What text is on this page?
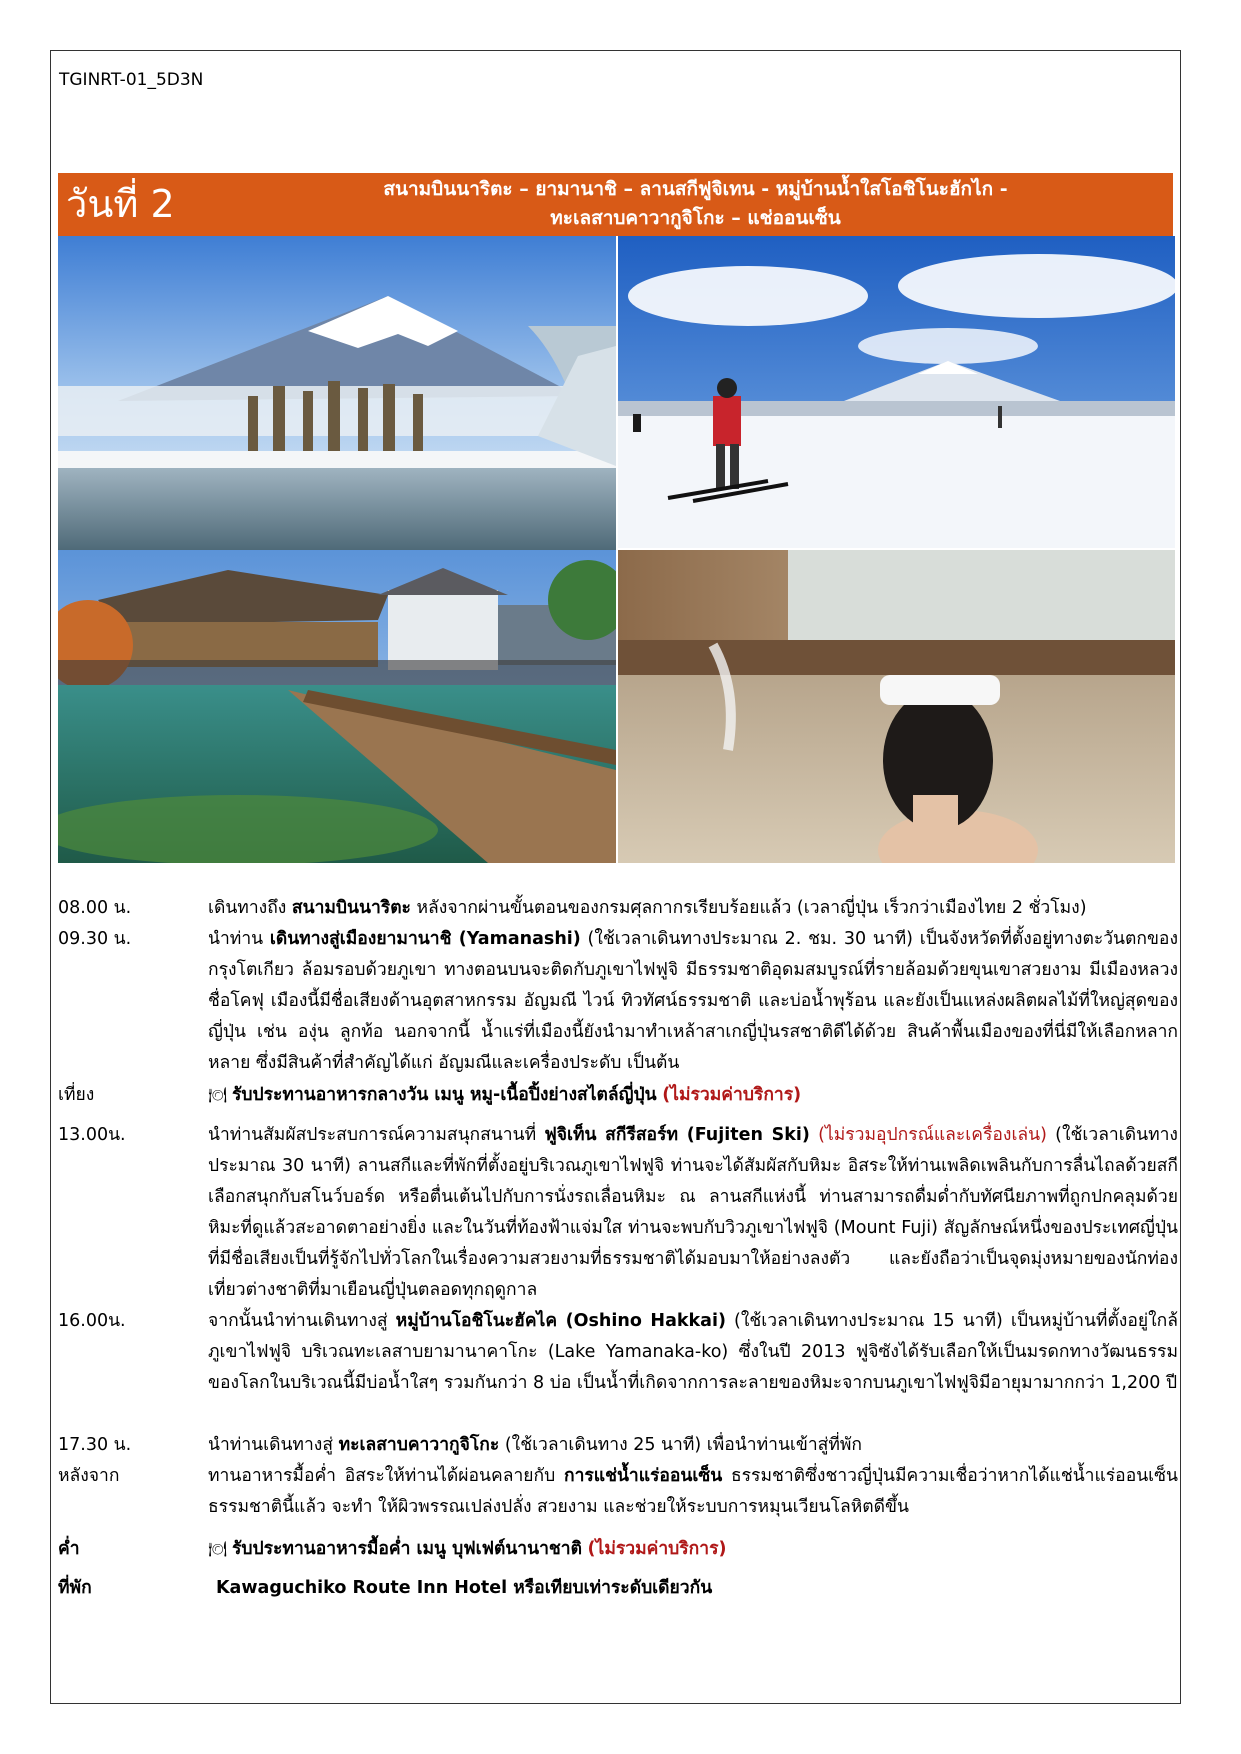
TGINRT-01_5D3N
วันที่ 2	สนามบินนาริตะ – ยามานาชิ – ลานสกีฟูจิเทน - หมู่บ้านน้ำใสโอชิโนะฮักไก -
ทะเลสาบคาวากูจิโกะ – แช่ออนเซ็น
08.00 น.	เดินทางถึง สนามบินนาริตะ หลังจากผ่านขั้นตอนของกรมศุลกากรเรียบร้อยแล้ว (เวลาญี่ปุ่น เร็วกว่าเมืองไทย 2 ชั่วโมง)
09.30 น.	นำท่าน เดินทางสู่เมืองยามานาชิ (Yamanashi) (ใช้เวลาเดินทางประมาณ 2. ชม. 30 นาที) เป็นจังหวัดที่ตั้งอยู่ทางตะวันตกของกรุงโตเกียว ล้อมรอบด้วยภูเขา ทางตอนบนจะติดกับภูเขาไฟฟูจิ มีธรรมชาติอุดมสมบูรณ์ที่รายล้อมด้วยขุนเขาสวยงาม มีเมืองหลวงชื่อโคฟุ เมืองนี้มีชื่อเสียงด้านอุตสาหกรรม อัญมณี ไวน์ ทิวทัศน์ธรรมชาติ และบ่อน้ำพุร้อน และยังเป็นแหล่งผลิตผลไม้ที่ใหญ่สุดของญี่ปุ่น เช่น องุ่น ลูกท้อ นอกจากนี้ น้ำแร่ที่เมืองนี้ยังนำมาทำเหล้าสาเกญี่ปุ่นรสชาติดีได้ด้วย สินค้าพื้นเมืองของที่นี่มีให้เลือกหลากหลาย ซึ่งมีสินค้าที่สำคัญได้แก่ อัญมณีและเครื่องประดับ เป็นต้น
เที่ยง	🍽 รับประทานอาหารกลางวัน เมนู หมู-เนื้อปิ้งย่างสไตล์ญี่ปุ่น (ไม่รวมค่าบริการ)
13.00น.	นำท่านสัมผัสประสบการณ์ความสนุกสนานที่ ฟูจิเท็น สกีรีสอร์ท (Fujiten Ski) (ไม่รวมอุปกรณ์และเครื่องเล่น) (ใช้เวลาเดินทางประมาณ 30 นาที) ลานสกีและที่พักที่ตั้งอยู่บริเวณภูเขาไฟฟูจิ ท่านจะได้สัมผัสกับหิมะ อิสระให้ท่านเพลิดเพลินกับการลื่นไถลด้วยสกี เลือกสนุกกับสโนว์บอร์ด หรือตื่นเต้นไปกับการนั่งรถเลื่อนหิมะ ณ ลานสกีแห่งนี้ ท่านสามารถดื่มด่ำกับทัศนียภาพที่ถูกปกคลุมด้วยหิมะที่ดูแล้วสะอาดตาอย่างยิ่ง และในวันที่ท้องฟ้าแจ่มใส ท่านจะพบกับวิวภูเขาไฟฟูจิ (Mount Fuji) สัญลักษณ์หนึ่งของประเทศญี่ปุ่น ที่มีชื่อเสียงเป็นที่รู้จักไปทั่วโลกในเรื่องความสวยงามที่ธรรมชาติได้มอบมาให้อย่างลงตัว และยังถือว่าเป็นจุดมุ่งหมายของนักท่องเที่ยวต่างชาติที่มาเยือนญี่ปุ่นตลอดทุกฤดูกาล
16.00น.	จากนั้นนำท่านเดินทางสู่ หมู่บ้านโอชิโนะฮัคไค (Oshino Hakkai) (ใช้เวลาเดินทางประมาณ 15 นาที) เป็นหมู่บ้านที่ตั้งอยู่ใกล้ภูเขาไฟฟูจิ บริเวณทะเลสาบยามานาคาโกะ (Lake Yamanaka-ko) ซึ่งในปี 2013 ฟูจิซังได้รับเลือกให้เป็นมรดกทางวัฒนธรรมของโลกในบริเวณนี้มีบ่อน้ำใสๆ รวมกันกว่า 8 บ่อ เป็นน้ำที่เกิดจากการละลายของหิมะจากบนภูเขาไฟฟูจิมีอายุมามากกว่า 1,200 ปี
17.30 น.	นำท่านเดินทางสู่ ทะเลสาบคาวากูจิโกะ (ใช้เวลาเดินทาง 25 นาที) เพื่อนำท่านเข้าสู่ที่พัก
หลังจาก	ทานอาหารมื้อค่ำ อิสระให้ท่านได้ผ่อนคลายกับ การแช่น้ำแร่ออนเซ็น ธรรมชาติซึ่งชาวญี่ปุ่นมีความเชื่อว่าหากได้แช่น้ำแร่ออนเซ็นธรรมชาตินี้แล้ว จะทำ ให้ผิวพรรณเปล่งปลั่ง สวยงาม และช่วยให้ระบบการหมุนเวียนโลหิตดีขึ้น
ค่ำ	🍽 รับประทานอาหารมื้อค่ำ เมนู บุฟเฟต์นานาชาติ (ไม่รวมค่าบริการ)
ที่พัก	Kawaguchiko Route Inn Hotel หรือเทียบเท่าระดับเดียวกัน
